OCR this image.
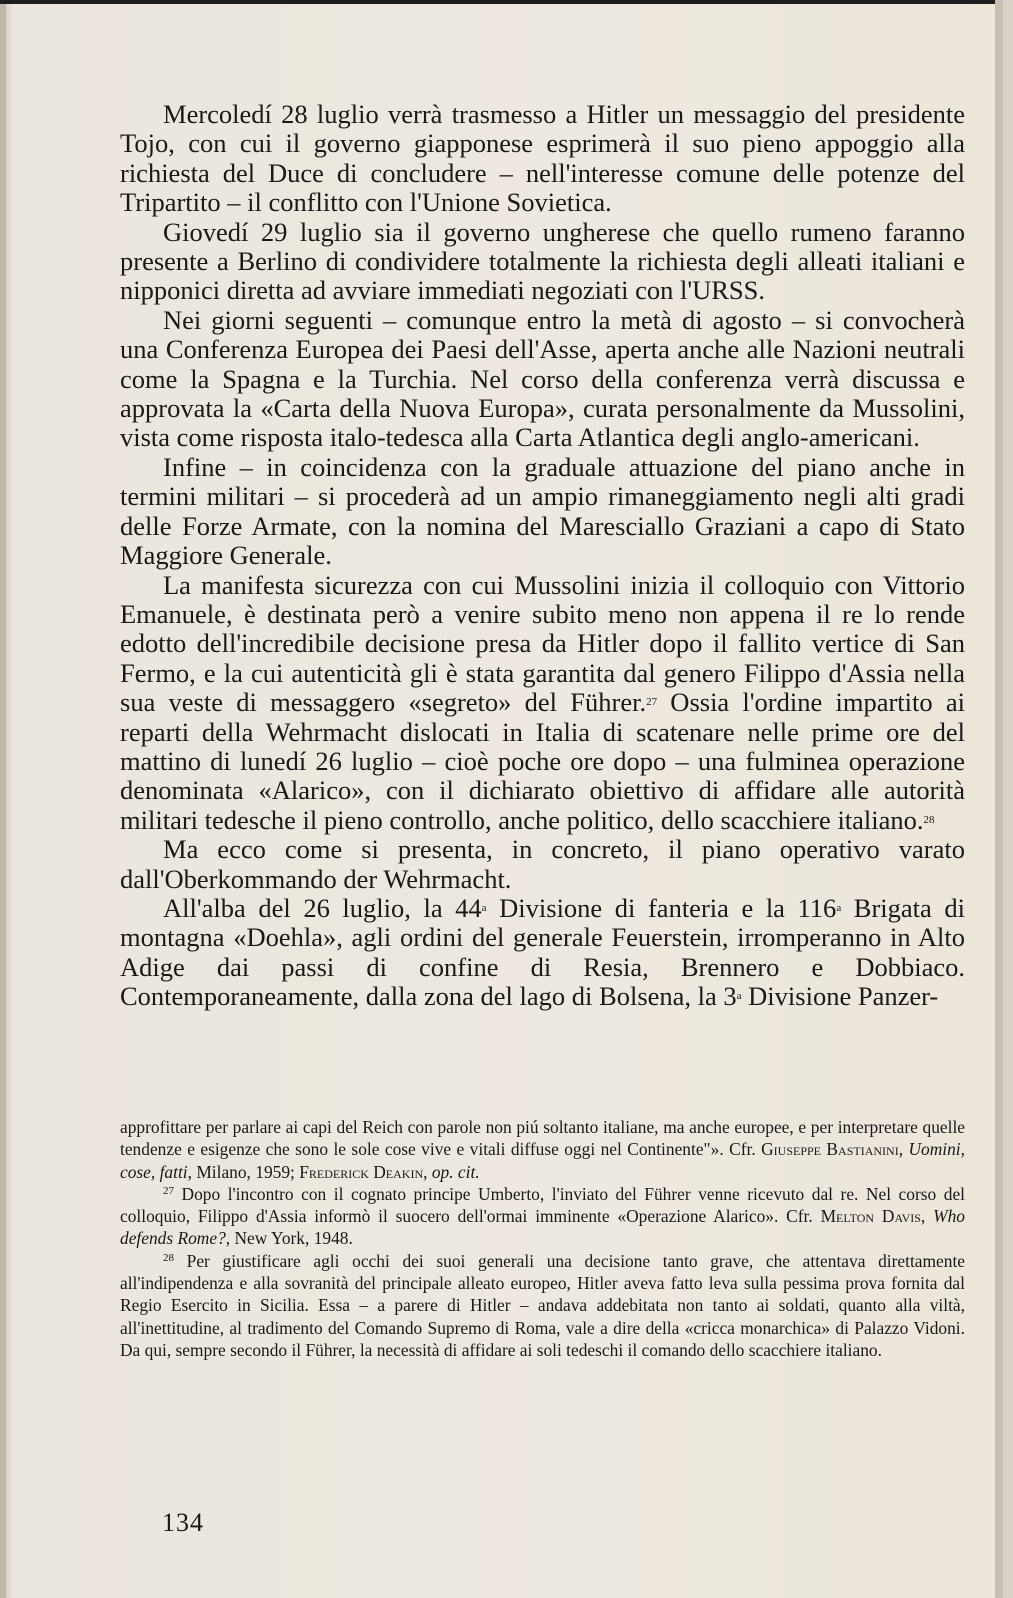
Mercoledí 28 luglio verrà trasmesso a Hitler un messaggio del presidente Tojo, con cui il governo giapponese esprimerà il suo pieno appoggio alla richiesta del Duce di concludere – nell'interesse comune delle potenze del Tripartito – il conflitto con l'Unione Sovietica.

Giovedí 29 luglio sia il governo ungherese che quello rumeno faranno presente a Berlino di condividere totalmente la richiesta degli alleati italiani e nipponici diretta ad avviare immediati negoziati con l'URSS.

Nei giorni seguenti – comunque entro la metà di agosto – si convocherà una Conferenza Europea dei Paesi dell'Asse, aperta anche alle Nazioni neutrali come la Spagna e la Turchia. Nel corso della conferenza verrà discussa e approvata la «Carta della Nuova Europa», curata personalmente da Mussolini, vista come risposta italo-tedesca alla Carta Atlantica degli anglo-americani.

Infine – in coincidenza con la graduale attuazione del piano anche in termini militari – si procederà ad un ampio rimaneggiamento negli alti gradi delle Forze Armate, con la nomina del Maresciallo Graziani a capo di Stato Maggiore Generale.

La manifesta sicurezza con cui Mussolini inizia il colloquio con Vittorio Emanuele, è destinata però a venire subito meno non appena il re lo rende edotto dell'incredibile decisione presa da Hitler dopo il fallito vertice di San Fermo, e la cui autenticità gli è stata garantita dal genero Filippo d'Assia nella sua veste di messaggero «segreto» del Führer.$^{27}$ Ossia l'ordine impartito ai reparti della Wehrmacht dislocati in Italia di scatenare nelle prime ore del mattino di lunedí 26 luglio – cioè poche ore dopo – una fulminea operazione denominata «Alarico», con il dichiarato obiettivo di affidare alle autorità militari tedesche il pieno controllo, anche politico, dello scacchiere italiano.$^{28}$

Ma ecco come si presenta, in concreto, il piano operativo varato dall'Oberkommando der Wehrmacht.

All'alba del 26 luglio, la 44$^a$ Divisione di fanteria e la 116$^a$ Brigata di montagna «Doehla», agli ordini del generale Feuerstein, irromperanno in Alto Adige dai passi di confine di Resia, Brennero e Dobbiaco. Contemporaneamente, dalla zona del lago di Bolsena, la 3$^a$ Divisione Panzer-

approfittare per parlare ai capi del Reich con parole non piú soltanto italiane, ma anche europee, e per interpretare quelle tendenze e esigenze che sono le sole cose vive e vitali diffuse oggi nel Continente"». Cfr. Giuseppe Bastianini, Uomini, cose, fatti, Milano, 1959; Frederick Deakin, op. cit.

$^{27}$ Dopo l'incontro con il cognato principe Umberto, l'inviato del Führer venne ricevuto dal re. Nel corso del colloquio, Filippo d'Assia informò il suocero dell'ormai imminente «Operazione Alarico». Cfr. Melton Davis, Who defends Rome?, New York, 1948.

$^{28}$ Per giustificare agli occhi dei suoi generali una decisione tanto grave, che attentava direttamente all'indipendenza e alla sovranità del principale alleato europeo, Hitler aveva fatto leva sulla pessima prova fornita dal Regio Esercito in Sicilia. Essa – a parere di Hitler – andava addebitata non tanto ai soldati, quanto alla viltà, all'inettitudine, al tradimento del Comando Supremo di Roma, vale a dire della «cricca monarchica» di Palazzo Vidoni. Da qui, sempre secondo il Führer, la necessità di affidare ai soli tedeschi il comando dello scacchiere italiano.

134
